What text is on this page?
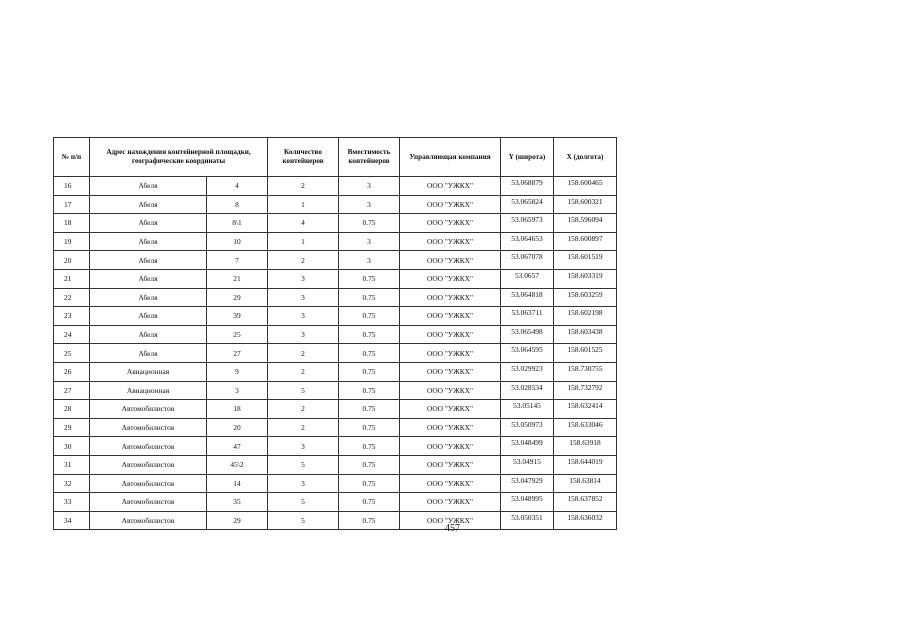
№ п/п	Адрес нахождения контейнерной площадки, географические координаты		Количество контейнеров	Вместимость контейнеров	Управляющая компания	Y (широта)	X (долгота)
16	Абеля	4	2	3	ООО "УЖКХ"	53.068879	158.600465
17	Абеля	8	1	3	ООО "УЖКХ"	53.065824	158.600321
18	Абеля	8\1	4	0.75	ООО "УЖКХ"	53.065973	158.596094
19	Абеля	10	1	3	ООО "УЖКХ"	53.064653	158.600897
20	Абеля	7	2	3	ООО "УЖКХ"	53.067078	158.601519
21	Абеля	21	3	0.75	ООО "УЖКХ"	53.0657	158.603319
22	Абеля	29	3	0.75	ООО "УЖКХ"	53.064818	158.603259
23	Абеля	39	3	0.75	ООО "УЖКХ"	53.063711	158.602198
24	Абеля	25	3	0.75	ООО "УЖКХ"	53.065498	158.603438
25	Абеля	27	2	0.75	ООО "УЖКХ"	53.064595	158.601525
26	Авиационная	9	2	0.75	ООО "УЖКХ"	53.029923	158.730755
27	Авиационная	3	5	0.75	ООО "УЖКХ"	53.028534	158.732792
28	Автомобилистов	18	2	0.75	ООО "УЖКХ"	53.05145	158.632414
29	Автомобилистов	20	2	0.75	ООО "УЖКХ"	53.050973	158.633046
30	Автомобилистов	47	3	0.75	ООО "УЖКХ"	53.048499	158.63918
31	Автомобилистов	45\2	5	0.75	ООО "УЖКХ"	53.04915	158.644019
32	Автомобилистов	14	3	0.75	ООО "УЖКХ"	53.047929	158.63814
33	Автомобилистов	35	5	0.75	ООО "УЖКХ"	53.048995	158.637852
34	Автомобилистов	29	5	0.75	ООО "УЖКХ"	53.050351	158.636032
457
